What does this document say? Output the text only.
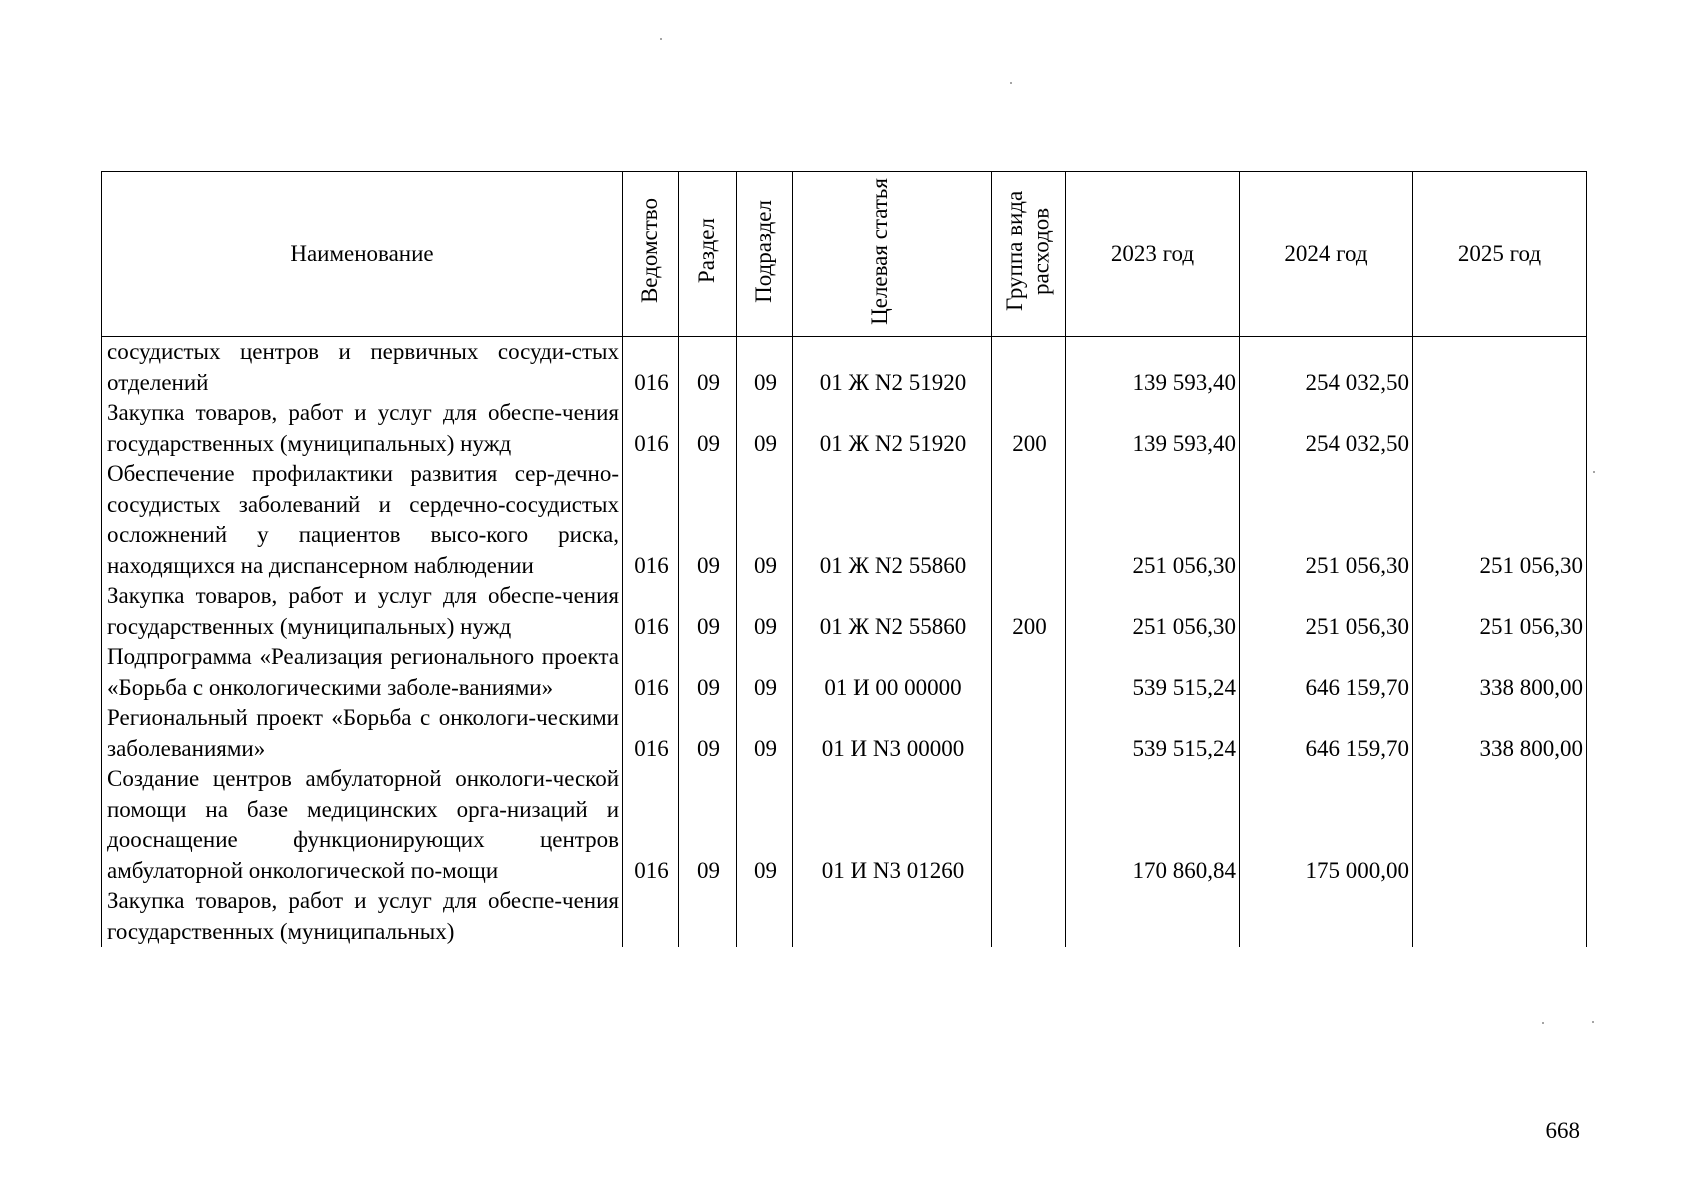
Наименование	Ведомство	Раздел	Подраздел	Целевая статья	Группа вида расходов	2023 год	2024 год	2025 год
сосудистых центров и первичных сосуди-стых отделений	016	09	09	01 Ж N2 51920		139 593,40	254 032,50	
Закупка товаров, работ и услуг для обеспе-чения государственных (муниципальных) нужд	016	09	09	01 Ж N2 51920	200	139 593,40	254 032,50	
Обеспечение профилактики развития сер-дечно-сосудистых заболеваний и сердечно-сосудистых осложнений у пациентов высо-кого риска, находящихся на диспансерном наблюдении	016	09	09	01 Ж N2 55860		251 056,30	251 056,30	251 056,30
Закупка товаров, работ и услуг для обеспе-чения государственных (муниципальных) нужд	016	09	09	01 Ж N2 55860	200	251 056,30	251 056,30	251 056,30
Подпрограмма «Реализация регионального проекта «Борьба с онкологическими заболе-ваниями»	016	09	09	01 И 00 00000		539 515,24	646 159,70	338 800,00
Региональный проект «Борьба с онкологи-ческими заболеваниями»	016	09	09	01 И N3 00000		539 515,24	646 159,70	338 800,00
Создание центров амбулаторной онкологи-ческой помощи на базе медицинских орга-низаций и дооснащение функционирующих центров амбулаторной онкологической по-мощи	016	09	09	01 И N3 01260		170 860,84	175 000,00	
Закупка товаров, работ и услуг для обеспе-чения государственных (муниципальных)								
668
